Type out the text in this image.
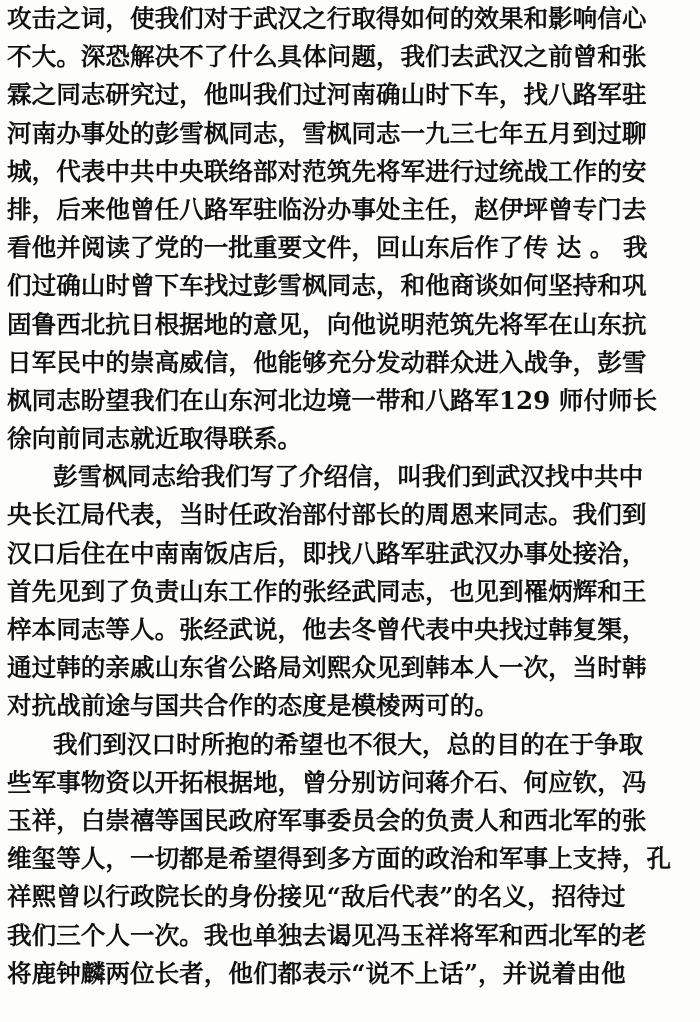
攻击之词，使我们对于武汉之行取得如何的效果和影响信心
不大。深恐解决不了什么具体问题，我们去武汉之前曾和张
霖之同志研究过，他叫我们过河南确山时下车，找八路军驻
河南办事处的彭雪枫同志，雪枫同志一九三七年五月到过聊
城，代表中共中央联络部对范筑先将军进行过统战工作的安
排，后来他曾任八路军驻临汾办事处主任，赵伊坪曾专门去
看他并阅读了党的一批重要文件，回山东后作了传 达 。 我
们过确山时曾下车找过彭雪枫同志，和他商谈如何坚持和巩
固鲁西北抗日根据地的意见，向他说明范筑先将军在山东抗
日军民中的崇高威信，他能够充分发动群众进入战争，彭雪
枫同志盼望我们在山东河北边境一带和八路军129 师付师长
徐向前同志就近取得联系。
彭雪枫同志给我们写了介绍信，叫我们到武汉找中共中
央长江局代表，当时任政治部付部长的周恩来同志。我们到
汉口后住在中南南饭店后，即找八路军驻武汉办事处接洽，
首先见到了负责山东工作的张经武同志，也见到罹炳辉和王
梓本同志等人。张经武说，他去冬曾代表中央找过韩复榘，
通过韩的亲戚山东省公路局刘熙众见到韩本人一次，当时韩
对抗战前途与国共合作的态度是模棱两可的。
我们到汉口时所抱的希望也不很大，总的目的在于争取
些军事物资以开拓根据地，曾分别访问蒋介石、何应钦，冯
玉祥，白崇禧等国民政府军事委员会的负责人和西北军的张
维玺等人，一切都是希望得到多方面的政治和军事上支持，孔
祥熙曾以行政院长的身份接见“敌后代表”的名义，招待过
我们三个人一次。我也单独去谒见冯玉祥将军和西北军的老
将鹿钟麟两位长者，他们都表示“说不上话”，并说着由他
